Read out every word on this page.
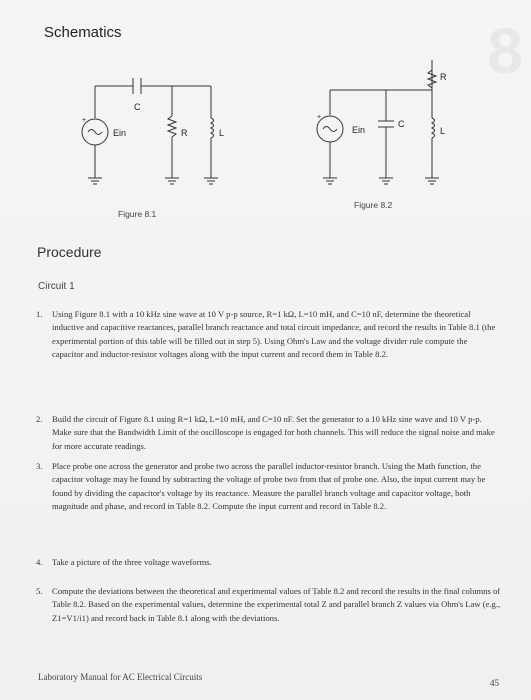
8
Schematics
+
Ein
C
R	L
+
Ein
C
R
L
Figure 8.1
Figure 8.2
Procedure
Circuit 1
1. Using Figure 8.1 with a 10 kHz sine wave at 10 V p-p source, R=1 kΩ, L=10 mH, and C=10 nF, determine the theoretical inductive and capacitive reactances, parallel branch reactance and total circuit impedance, and record the results in Table 8.1 (the experimental portion of this table will be filled out in step 5). Using Ohm's Law and the voltage divider rule compute the capacitor and inductor-resistor voltages along with the input current and record them in Table 8.2.
2. Build the circuit of Figure 8.1 using R=1 kΩ, L=10 mH, and C=10 nF. Set the generator to a 10 kHz sine wave and 10 V p-p. Make sure that the Bandwidth Limit of the oscilloscope is engaged for both channels. This will reduce the signal noise and make for more accurate readings.
3. Place probe one across the generator and probe two across the parallel inductor-resistor branch. Using the Math function, the capacitor voltage may be found by subtracting the voltage of probe two from that of probe one. Also, the input current may be found by dividing the capacitor's voltage by its reactance. Measure the parallel branch voltage and capacitor voltage, both magnitude and phase, and record in Table 8.2. Compute the input current and record in Table 8.2.
4. Take a picture of the three voltage waveforms.
5. Compute the deviations between the theoretical and experimental values of Table 8.2 and record the results in the final columns of Table 8.2. Based on the experimental values, determine the experimental total Z and parallel branch Z values via Ohm's Law (e.g., Z1=V1/i1) and record back in Table 8.1 along with the deviations.
Laboratory Manual for AC Electrical Circuits
45
